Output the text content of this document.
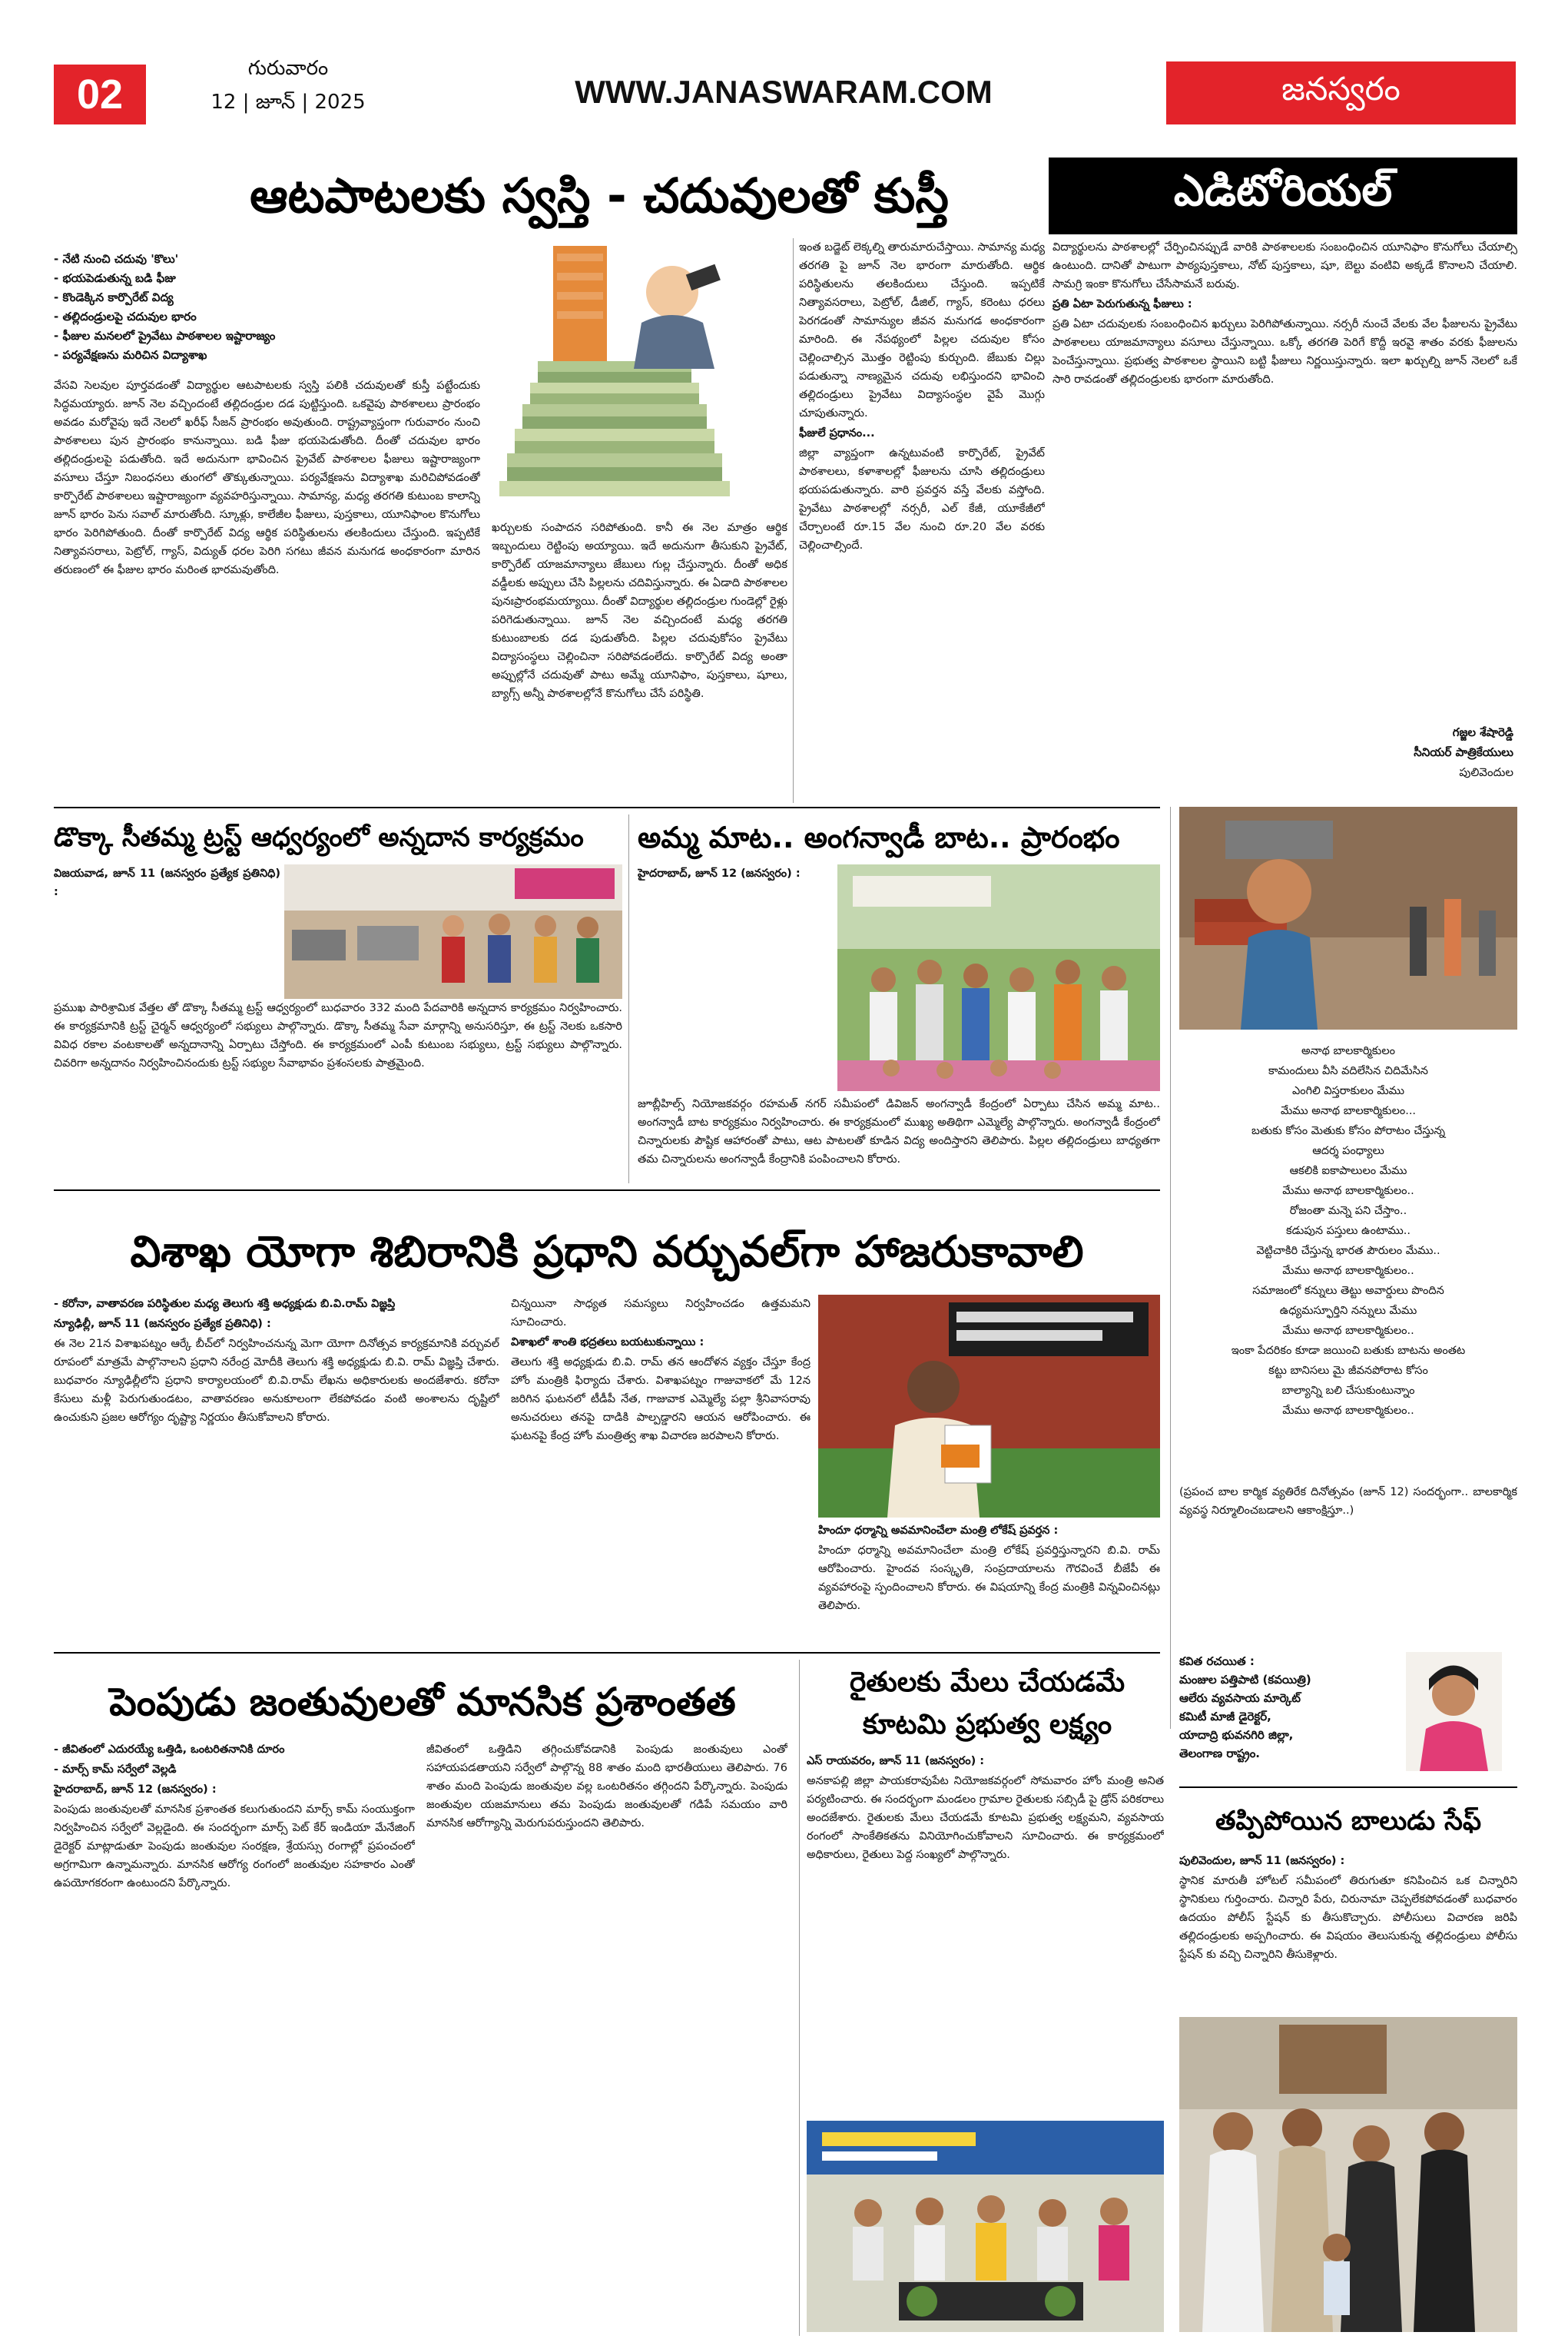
02
గురువారం
12 | జూన్ | 2025	WWW.JANASWARAM.COM	జనస్వరం
ఆటపాటలకు స్వస్తి - చదువులతో కుస్తీ	ఎడిటోరియల్
- నేటి నుంచి చదువు 'కొలు'
- భయపెడుతున్న బడి ఫీజు
- కొండెక్కిన కార్పొరేట్ విద్య
- తల్లిదండ్రులపై చదువుల భారం
- ఫీజుల మనలలో ప్రైవేటు పాఠశాలల ఇష్టారాజ్యం
- పర్యవేక్షణను మరిచిన విద్యాశాఖ

వేసవి సెలవుల పూర్తవడంతో విద్యార్థుల ఆటపాటలకు స్వస్తి పలికి చదువులతో కుస్తీ పట్టేందుకు సిద్ధమయ్యారు. జూన్ నెల వచ్చిందంటే తల్లిదండ్రుల దడ పుట్టిస్తుంది. ఒకవైపు పాఠశాలలు ప్రారంభం అవడం మరోవైపు ఇదే నెలలో ఖరీఫ్ సీజన్ ప్రారంభం అవుతుంది. రాష్ట్రవ్యాప్తంగా గురువారం నుంచి పాఠశాలలు పున ప్రారంభం కానున్నాయి. బడి ఫీజు భయపెడుతోంది. దీంతో చదువుల భారం తల్లిదండ్రులపై పడుతోంది. ఇదే అదునుగా భావించిన ప్రైవేట్ పాఠశాలల ఫీజులు ఇష్టారాజ్యంగా వసూలు చేస్తూ నిబంధనలు తుంగలో తొక్కుతున్నాయి. పర్యవేక్షణను విద్యాశాఖ మరిచిపోవడంతో కార్పొరేట్ పాఠశాలలు ఇష్టారాజ్యంగా వ్యవహరిస్తున్నాయి. సామాన్య, మధ్య తరగతి కుటుంబ కాలాన్ని జూన్ భారం పెను సవాల్ మారుతోంది. స్కూళ్లు, కాలేజీల ఫీజులు, పుస్తకాలు, యూనిఫాంల కొనుగోలు భారం పెరిగిపోతుంది. దీంతో కార్పొరేట్ విద్య ఆర్థిక పరిస్థితులను తలకిందులు చేస్తుంది. ఇప్పటికే నిత్యావసరాలు, పెట్రోల్, గ్యాస్, విద్యుత్ ధరల పెరిగి సగటు జీవన మనుగడ అంధకారంగా మారిన తరుణంలో ఈ ఫీజుల భారం మరింత భారమవుతోంది.

ఖర్చులకు సంపాదన సరిపోతుంది. కానీ ఈ నెల మాత్రం ఆర్థిక ఇబ్బందులు రెట్టింపు అయ్యాయి. ఇదే అదునుగా తీసుకుని ప్రైవేట్, కార్పొరేట్ యాజమాన్యాలు జేబులు గుల్ల చేస్తున్నారు. దీంతో అధిక వడ్డీలకు అప్పులు చేసి పిల్లలను చదివిస్తున్నారు. ఈ ఏడాది పాఠశాలల పునఃప్రారంభమయ్యాయి. దీంతో విద్యార్థుల తల్లిదండ్రుల గుండెల్లో రైళ్లు పరిగెడుతున్నాయి. జూన్ నెల వచ్చిందంటే మధ్య తరగతి కుటుంబాలకు దడ పుడుతోంది. పిల్లల చదువుకోసం ప్రైవేటు విద్యాసంస్థలు చెల్లించినా సరిపోవడంలేదు. కార్పొరేట్ విద్య అంతా అప్పుల్లోనే చదువుతో పాటు అమ్మే యూనిఫాం, పుస్తకాలు, షూలు, బ్యాగ్స్ అన్నీ పాఠశాలల్లోనే కొనుగోలు చేసే పరిస్థితి.

ఇంత బడ్జెట్ లెక్కల్ని తారుమారుచేస్తాయి. సామాన్య మధ్య తరగతి పై జూన్ నెల భారంగా మారుతోంది. ఆర్థిక పరిస్థితులను తలకిందులు చేస్తుంది. ఇప్పటికే నిత్యావసరాలు, పెట్రోల్, డీజిల్, గ్యాస్, కరెంటు ధరలు పెరగడంతో సామాన్యుల జీవన మనుగడ అంధకారంగా మారింది. ఈ నేపథ్యంలో పిల్లల చదువుల కోసం చెల్లించాల్సిన మొత్తం రెట్టింపు కుర్చుంది. జేబుకు చిల్లు పడుతున్నా నాణ్యమైన చదువు లభిస్తుందని భావించి తల్లిదండ్రులు ప్రైవేటు విద్యాసంస్థల వైపే మొగ్గు చూపుతున్నారు.

ఫీజులే ప్రధానం...

జిల్లా వ్యాప్తంగా ఉన్నటువంటి కార్పొరేట్, ప్రైవేట్ పాఠశాలలు, కళాశాలల్లో ఫీజులను చూసి తల్లిదండ్రులు భయపడుతున్నారు. వారి ప్రవర్తన వస్తే వేలకు వస్తోంది. ప్రైవేటు పాఠశాలల్లో నర్సరీ, ఎల్ కేజీ, యూకేజీలో చేర్చాలంటే రూ.15 వేల నుంచి రూ.20 వేల వరకు చెల్లించాల్సిందే.

విద్యార్థులను పాఠశాలల్లో చేర్పించినప్పుడే వారికి పాఠశాలలకు సంబంధించిన యూనిఫాం కొనుగోలు చేయాల్సి ఉంటుంది. దానితో పాటుగా పాఠ్యపుస్తకాలు, నోట్ పుస్తకాలు, షూ, బెల్టు వంటివి అక్కడే కొనాలని చేయాలి. సామగ్రి ఇంకా కొనుగోలు చేసేసామనే బరువు.

ప్రతి ఏటా పెరుగుతున్న ఫీజులు :

ప్రతి ఏటా చదువులకు సంబంధించిన ఖర్చులు పెరిగిపోతున్నాయి. నర్సరీ నుంచే వేలకు వేల ఫీజులను ప్రైవేటు పాఠశాలలు యాజమాన్యాలు వసూలు చేస్తున్నాయి. ఒక్కో తరగతి పెరిగే కొద్దీ ఇరవై శాతం వరకు ఫీజులను పెంచేస్తున్నాయి. ప్రభుత్వ పాఠశాలల స్థాయిని బట్టి ఫీజులు నిర్ణయిస్తున్నారు. ఇలా ఖర్చుల్ని జూన్ నెలలో ఒకే సారి రావడంతో తల్లిదండ్రులకు భారంగా మారుతోంది.

గజ్జల శేషారెడ్డి
సీనియర్ పాత్రికేయులు
పులివెందుల
డొక్కా సీతమ్మ ట్రస్ట్ ఆధ్వర్యంలో అన్నదాన కార్యక్రమం

విజయవాడ, జూన్ 11 (జనస్వరం ప్రత్యేక ప్రతినిధి) :

ప్రముఖ పారిశ్రామిక వేత్తల తో డొక్కా సీతమ్మ ట్రస్ట్ ఆధ్వర్యంలో బుధవారం 332 మంది పేదవారికి అన్నదాన కార్యక్రమం నిర్వహించారు. ఈ కార్యక్రమానికి ట్రస్ట్ చైర్మన్ ఆధ్వర్యంలో సభ్యులు పాల్గొన్నారు. డొక్కా సీతమ్మ సేవా మార్గాన్ని అనుసరిస్తూ, ఈ ట్రస్ట్ నెలకు ఒకసారి వివిధ రకాల వంటకాలతో అన్నదానాన్ని ఏర్పాటు చేస్తోంది. ఈ కార్యక్రమంలో ఎంపీ కుటుంబ సభ్యులు, ట్రస్ట్ సభ్యులు పాల్గొన్నారు. చివరిగా అన్నదానం నిర్వహించినందుకు ట్రస్ట్ సభ్యుల సేవాభావం ప్రశంసలకు పాత్రమైంది.

అమ్మ మాట.. అంగన్వాడీ బాట.. ప్రారంభం

హైదరాబాద్, జూన్ 12 (జనస్వరం) :

జూబ్లీహిల్స్ నియోజకవర్గం రహమత్ నగర్ సమీపంలో డివిజన్ అంగన్వాడీ కేంద్రంలో ఏర్పాటు చేసిన అమ్మ మాట.. అంగన్వాడీ బాట కార్యక్రమం నిర్వహించారు. ఈ కార్యక్రమంలో ముఖ్య అతిథిగా ఎమ్మెల్యే పాల్గొన్నారు. అంగన్వాడీ కేంద్రంలో చిన్నారులకు పౌష్టిక ఆహారంతో పాటు, ఆట పాటలతో కూడిన విద్య అందిస్తారని తెలిపారు. పిల్లల తల్లిదండ్రులు బాధ్యతగా తమ చిన్నారులను అంగన్వాడీ కేంద్రానికి పంపించాలని కోరారు.

విశాఖ యోగా శిబిరానికి ప్రధాని వర్చువల్‌గా హాజరుకావాలి

- కరోనా, వాతావరణ పరిస్థితుల మధ్య తెలుగు శక్తి అధ్యక్షుడు బి.వి.రామ్ విజ్ఞప్తి

న్యూఢిల్లీ, జూన్ 11 (జనస్వరం ప్రత్యేక ప్రతినిధి) :

ఈ నెల 21న విశాఖపట్నం ఆర్కే బీచ్‌లో నిర్వహించనున్న మెగా యోగా దినోత్సవ కార్యక్రమానికి వర్చువల్ రూపంలో మాత్రమే పాల్గొనాలని ప్రధాని నరేంద్ర మోదీకి తెలుగు శక్తి అధ్యక్షుడు బి.వి. రామ్ విజ్ఞప్తి చేశారు. బుధవారం న్యూఢిల్లీలోని ప్రధాని కార్యాలయంలో బి.వి.రామ్ లేఖను అధికారులకు అందజేశారు. కరోనా కేసులు మళ్లీ పెరుగుతుండటం, వాతావరణం అనుకూలంగా లేకపోవడం వంటి అంశాలను దృష్టిలో ఉంచుకుని ప్రజల ఆరోగ్యం దృష్ట్యా నిర్ణయం తీసుకోవాలని కోరారు.

చిన్నయినా సాధ్యత సమస్యలు నిర్వహించడం ఉత్తమమని సూచించారు.

విశాఖలో శాంతి భద్రతలు బయటుకున్నాయి :

తెలుగు శక్తి అధ్యక్షుడు బి.వి. రామ్ తన ఆందోళన వ్యక్తం చేస్తూ కేంద్ర హోం మంత్రికి ఫిర్యాదు చేశారు. విశాఖపట్నం గాజువాకలో మే 12న జరిగిన ఘటనలో టీడీపీ నేత, గాజువాక ఎమ్మెల్యే పల్లా శ్రీనివాసరావు అనుచరులు తనపై దాడికి పాల్పడ్డారని ఆయన ఆరోపించారు. ఈ ఘటనపై కేంద్ర హోం మంత్రిత్వ శాఖ విచారణ జరపాలని కోరారు.

హిందూ ధర్మాన్ని అవమానించేలా మంత్రి లోకేష్ ప్రవర్తన :

హిందూ ధర్మాన్ని అవమానించేలా మంత్రి లోకేష్ ప్రవర్తిస్తున్నారని బి.వి. రామ్ ఆరోపించారు. హైందవ సంస్కృతి, సంప్రదాయాలను గౌరవించే బీజేపీ ఈ వ్యవహారంపై స్పందించాలని కోరారు. ఈ విషయాన్ని కేంద్ర మంత్రికి విన్నవించినట్లు తెలిపారు.

అనాథ బాలకార్మికులం
కామందులు వీసి వదిలేసిన చిదిమేసిన
ఎంగిలి విస్తరాకులం మేము
మేము అనాథ బాలకార్మికులం...
బతుకు కోసం మెతుకు కోసం పోరాటం చేస్తున్న
ఆదర్శ పంధ్యాలు
ఆకలికి ఐకాపాలులం మేము
మేము అనాథ బాలకార్మికులం..
రోజంతా మన్నె పని చేస్తాం..
కడుపున పస్తులు ఉంటాము..
వెట్టిచాకిరి చేస్తున్న భారత పౌరులం మేము..
మేము అనాథ బాలకార్మికులం..
సమాజంలో కన్నులు తెట్టు అవార్డులు పొందిన
ఉధ్యమస్ఫూర్తిని నన్నులు మేము
మేము అనాథ బాలకార్మికులం..
ఇంకా పేదరికం కూడా జయించి బతుకు బాటను అంతట
కట్టు బానిసలు మై జీవనపోరాట కోసం
బాల్యాన్ని బలి చేసుకుంటున్నాం
మేము అనాథ బాలకార్మికులం..

(ప్రపంచ బాల కార్మిక వ్యతిరేక దినోత్సవం (జూన్ 12) సందర్భంగా.. బాలకార్మిక వ్యవస్థ నిర్మూలించబడాలని ఆకాంక్షిస్తూ..)

కవిత రచయిత :
మంజుల పత్తిపాటి (కవయిత్రి)
ఆలేరు వ్యవసాయ మార్కెట్
కమిటీ మాజీ డైరెక్టర్,
యాదాద్రి భువనగిరి జిల్లా,
తెలంగాణ రాష్ట్రం.
పెంపుడు జంతువులతో మానసిక ప్రశాంతత

- జీవితంలో ఎదురయ్యే ఒత్తిడి, ఒంటరితనానికి దూరం

- మార్స్ కామ్ సర్వేలో వెల్లడి

హైదరాబాద్, జూన్ 12 (జనస్వరం) :

పెంపుడు జంతువులతో మానసిక ప్రశాంతత కలుగుతుందని మార్స్ కామ్ సంయుక్తంగా నిర్వహించిన సర్వేలో వెల్లడైంది. ఈ సందర్భంగా మార్స్ పెట్ కేర్ ఇండియా మేనేజింగ్ డైరెక్టర్ మాట్లాడుతూ పెంపుడు జంతువుల సంరక్షణ, శ్రేయస్సు రంగాల్లో ప్రపంచంలో అగ్రగామిగా ఉన్నామన్నారు. మానసిక ఆరోగ్య రంగంలో జంతువుల సహకారం ఎంతో ఉపయోగకరంగా ఉంటుందని పేర్కొన్నారు.

జీవితంలో ఒత్తిడిని తగ్గించుకోవడానికి పెంపుడు జంతువులు ఎంతో సహాయపడతాయని సర్వేలో పాల్గొన్న 88 శాతం మంది భారతీయులు తెలిపారు. 76 శాతం మంది పెంపుడు జంతువుల వల్ల ఒంటరితనం తగ్గిందని పేర్కొన్నారు. పెంపుడు జంతువుల యజమానులు తమ పెంపుడు జంతువులతో గడిపే సమయం వారి మానసిక ఆరోగ్యాన్ని మెరుగుపరుస్తుందని తెలిపారు.

రైతులకు మేలు చేయడమే
కూటమి ప్రభుత్వ లక్ష్యం

ఎస్ రాయవరం, జూన్ 11 (జనస్వరం) :

అనకాపల్లి జిల్లా పాయకరావుపేట నియోజకవర్గంలో సోమవారం హోం మంత్రి అనిత పర్యటించారు. ఈ సందర్భంగా మండలం గ్రామాల రైతులకు సబ్సిడీ పై డ్రోన్ పరికరాలు అందజేశారు. రైతులకు మేలు చేయడమే కూటమి ప్రభుత్వ లక్ష్యమని, వ్యవసాయ రంగంలో సాంకేతికతను వినియోగించుకోవాలని సూచించారు. ఈ కార్యక్రమంలో అధికారులు, రైతులు పెద్ద సంఖ్యలో పాల్గొన్నారు.

తప్పిపోయిన బాలుడు సేఫ్

పులివెందుల, జూన్ 11 (జనస్వరం) :

స్థానిక మారుతీ హోటల్ సమీపంలో తిరుగుతూ కనిపించిన ఒక చిన్నారిని స్థానికులు గుర్తించారు. చిన్నారి పేరు, చిరునామా చెప్పలేకపోవడంతో బుధవారం ఉదయం పోలీస్ స్టేషన్ కు తీసుకొచ్చారు. పోలీసులు విచారణ జరిపి తల్లిదండ్రులకు అప్పగించారు. ఈ విషయం తెలుసుకున్న తల్లిదండ్రులు పోలీసు స్టేషన్ కు వచ్చి చిన్నారిని తీసుకెళ్లారు.
